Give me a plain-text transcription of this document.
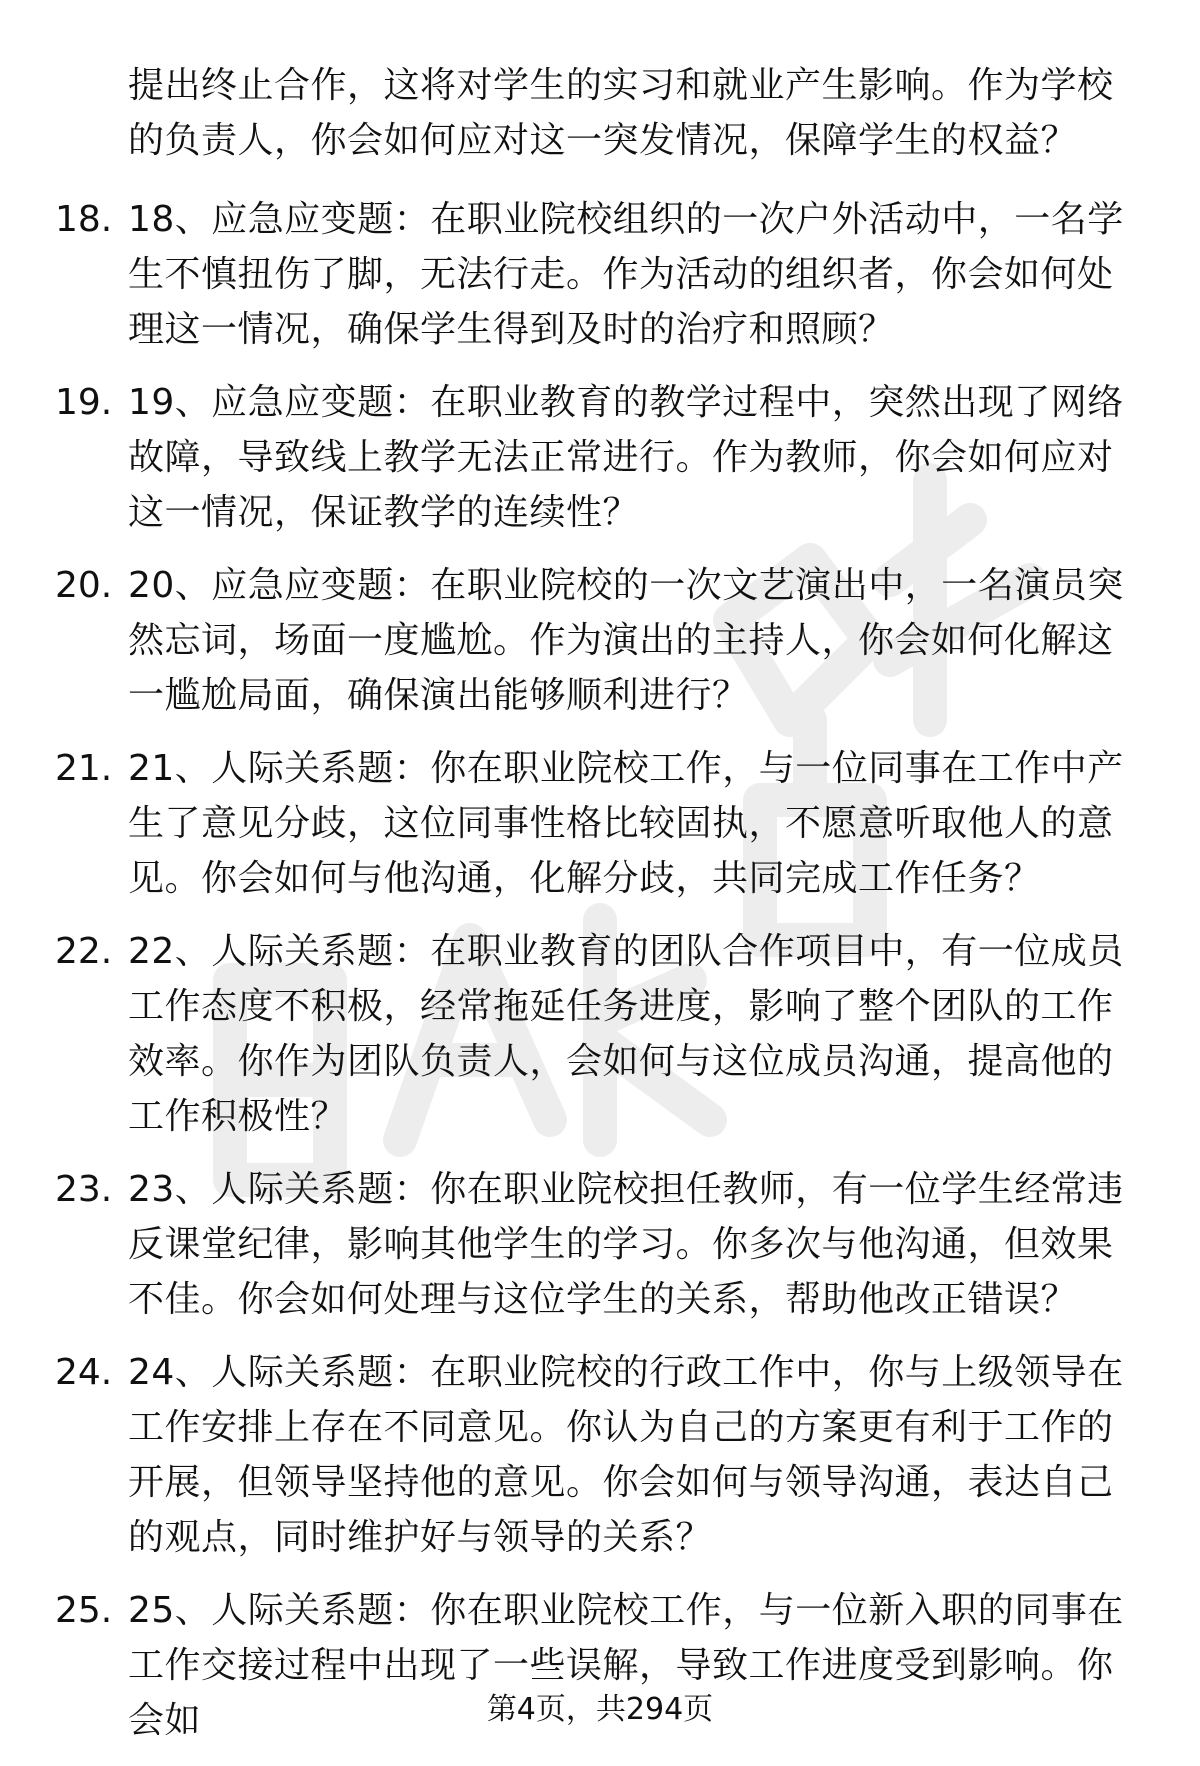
提出终止合作，这将对学生的实习和就业产生影响。作为学校的负责人，你会如何应对这一突发情况，保障学生的权益？
18. 18、应急应变题：在职业院校组织的一次户外活动中，一名学生不慎扭伤了脚，无法行走。作为活动的组织者，你会如何处理这一情况，确保学生得到及时的治疗和照顾？
19. 19、应急应变题：在职业教育的教学过程中，突然出现了网络故障，导致线上教学无法正常进行。作为教师，你会如何应对这一情况，保证教学的连续性？
20. 20、应急应变题：在职业院校的一次文艺演出中，一名演员突然忘词，场面一度尴尬。作为演出的主持人，你会如何化解这一尴尬局面，确保演出能够顺利进行？
21. 21、人际关系题：你在职业院校工作，与一位同事在工作中产生了意见分歧，这位同事性格比较固执，不愿意听取他人的意见。你会如何与他沟通，化解分歧，共同完成工作任务？
22. 22、人际关系题：在职业教育的团队合作项目中，有一位成员工作态度不积极，经常拖延任务进度，影响了整个团队的工作效率。你作为团队负责人，会如何与这位成员沟通，提高他的工作积极性？
23. 23、人际关系题：你在职业院校担任教师，有一位学生经常违反课堂纪律，影响其他学生的学习。你多次与他沟通，但效果不佳。你会如何处理与这位学生的关系，帮助他改正错误？
24. 24、人际关系题：在职业院校的行政工作中，你与上级领导在工作安排上存在不同意见。你认为自己的方案更有利于工作的开展，但领导坚持他的意见。你会如何与领导沟通，表达自己的观点，同时维护好与领导的关系？
25. 25、人际关系题：你在职业院校工作，与一位新入职的同事在工作交接过程中出现了一些误解，导致工作进度受到影响。你会如	第4页，共294页
